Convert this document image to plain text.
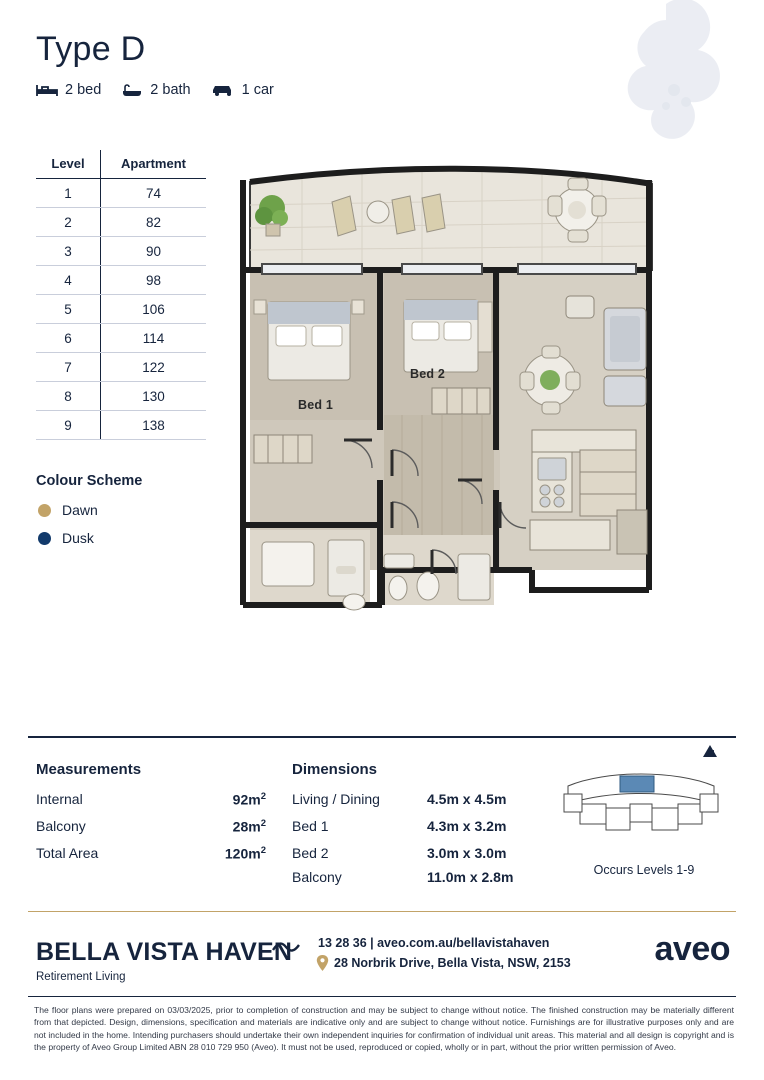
Type D
2 bed	2 bath	1 car
Level	Apartment
1	74
2	82
3	90
4	98
5	106
6	114
7	122
8	130
9	138
Colour Scheme
Dawn
Dusk
Bed 1
Bed 2
Measurements
Internal	$92m^2$
Balcony	$28m^2$
Total Area	$120m^2$
Dimensions
Living / Dining	4.5m x 4.5m
Bed 1	4.3m x 3.2m
Bed 2	3.0m x 3.0m
Balcony	11.0m x 2.8m
N
Occurs Levels 1-9
BELLA VISTA HAVEN
Retirement Living
13 28 36 | aveo.com.au/bellavistahaven
28 Norbrik Drive, Bella Vista, NSW, 2153 aveo
The floor plans were prepared on 03/03/2025, prior to completion of construction and may be subject to change without notice. The finished construction may be materially different from that depicted. Design, dimensions, specification and materials are indicative only and are subject to change without notice. Furnishings are for illustrative purposes only and are not included in the home. Intending purchasers should undertake their own independent inquiries for confirmation of individual unit areas. This material and all design is copyright and is the property of Aveo Group Limited ABN 28 010 729 950 (Aveo). It must not be used, reproduced or copied, wholly or in part, without the prior written permission of Aveo.
